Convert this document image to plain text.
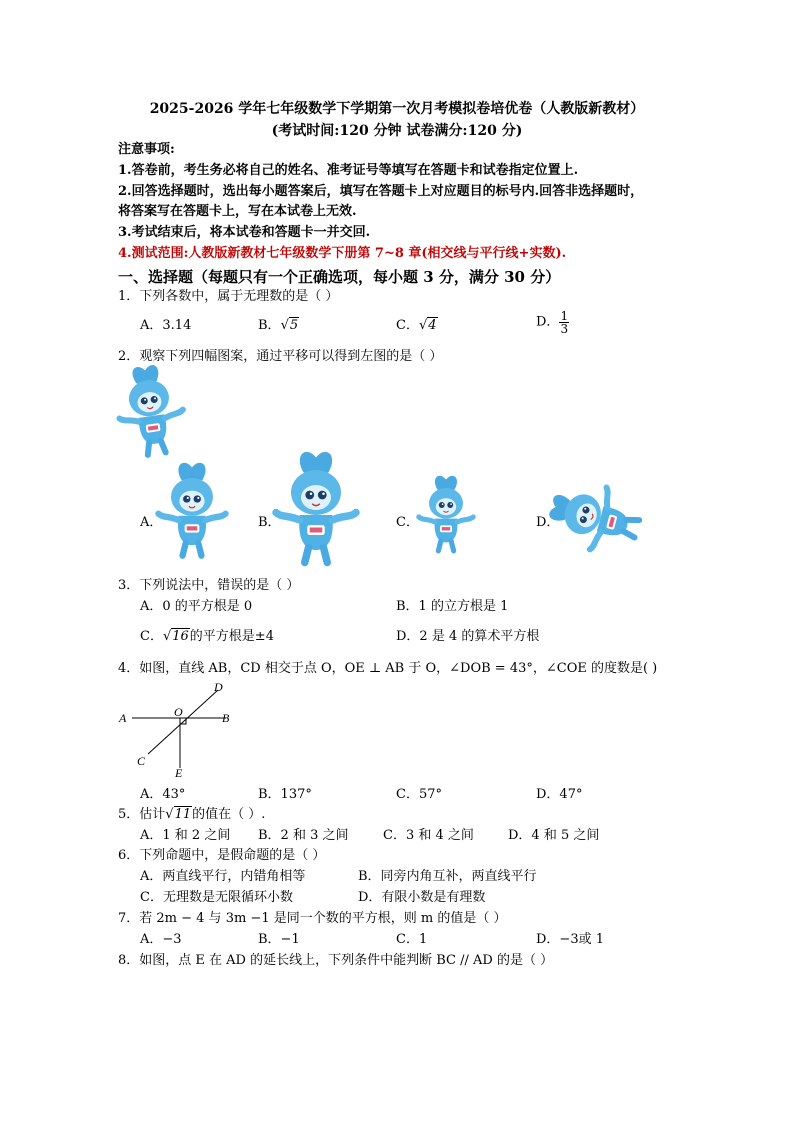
2025-2026 学年七年级数学下学期第一次月考模拟卷培优卷（人教版新教材）
(考试时间:120 分钟 试卷满分:120 分)
注意事项:
1.答卷前，考生务必将自己的姓名、准考证号等填写在答题卡和试卷指定位置上.
2.回答选择题时，选出每小题答案后，填写在答题卡上对应题目的标号内.回答非选择题时，
将答案写在答题卡上，写在本试卷上无效.
3.考试结束后，将本试卷和答题卡一并交回.
4.测试范围:人教版新教材七年级数学下册第 7~8 章(相交线与平行线+实数).
一、选择题（每题只有一个正确选项，每小题 3 分，满分 30 分）
1．下列各数中，属于无理数的是（ ）
A．3.14	B．√5	C．√4	D． $\frac{1}{3}$
2．观察下列四幅图案，通过平移可以得到左图的是（ ）
D
A	O	B
C
E
A．	B．	C．	D．
3．下列说法中，错误的是（ ）
A．0 的平方根是 0	B．1 的立方根是 1
C．√16的平方根是±4	D．2 是 4 的算术平方根
4．如图，直线 AB，CD 相交于点 O，OE ⊥ AB 于 O，∠DOB = 43°，∠COE 的度数是( )
A．43°	B．137°	C．57°	D．47°
5．估计√11的值在（ ）.
A．1 和 2 之间 B．2 和 3 之间	C．3 和 4 之间	D．4 和 5 之间
6．下列命题中，是假命题的是（ ）
A．两直线平行，内错角相等	B．同旁内角互补，两直线平行
C．无理数是无限循环小数	D．有限小数是有理数
7．若 2m − 4 与 3m −1 是同一个数的平方根，则 m 的值是（ ）
A．−3	B．−1	C．1	D．−3或 1
8．如图，点 E 在 AD 的延长线上，下列条件中能判断 BC // AD 的是（ ）
